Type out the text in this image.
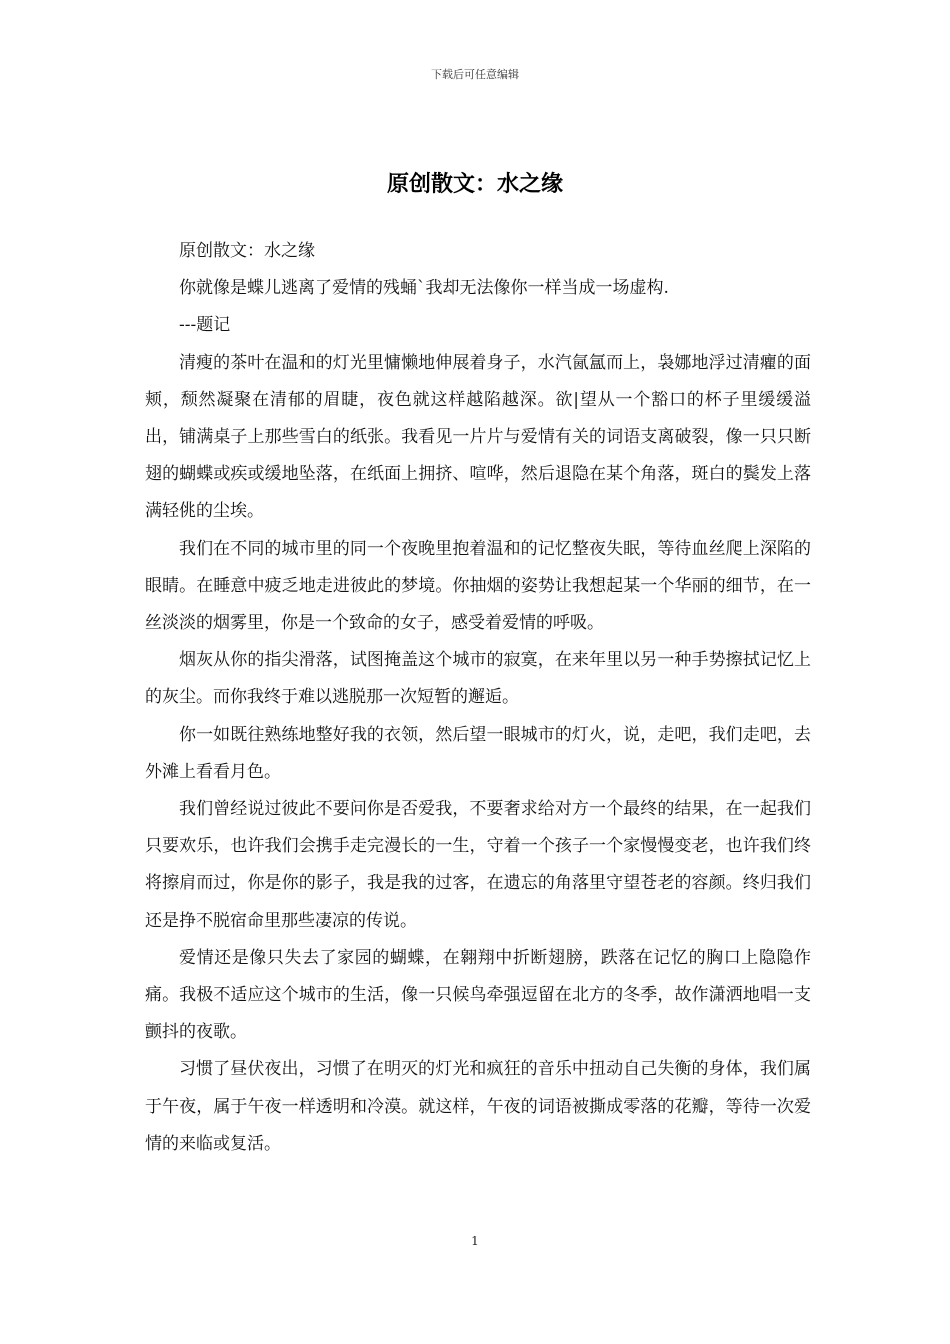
下载后可任意编辑
原创散文：水之缘

原创散文：水之缘

你就像是蝶儿逃离了爱情的残蛹`我却无法像你一样当成一场虚构.

---题记

清瘦的茶叶在温和的灯光里慵懒地伸展着身子，水汽氤氲而上，袅娜地浮过清癯的面颊，颓然凝聚在清郁的眉睫，夜色就这样越陷越深。欲|望从一个豁口的杯子里缓缓溢出，铺满桌子上那些雪白的纸张。我看见一片片与爱情有关的词语支离破裂，像一只只断翅的蝴蝶或疾或缓地坠落，在纸面上拥挤、喧哗，然后退隐在某个角落，斑白的鬓发上落满轻佻的尘埃。

我们在不同的城市里的同一个夜晚里抱着温和的记忆整夜失眠，等待血丝爬上深陷的眼睛。在睡意中疲乏地走进彼此的梦境。你抽烟的姿势让我想起某一个华丽的细节，在一丝淡淡的烟雾里，你是一个致命的女子，感受着爱情的呼吸。

烟灰从你的指尖滑落，试图掩盖这个城市的寂寞，在来年里以另一种手势擦拭记忆上的灰尘。而你我终于难以逃脱那一次短暂的邂逅。

你一如既往熟练地整好我的衣领，然后望一眼城市的灯火，说，走吧，我们走吧，去外滩上看看月色。

我们曾经说过彼此不要问你是否爱我，不要奢求给对方一个最终的结果，在一起我们只要欢乐，也许我们会携手走完漫长的一生，守着一个孩子一个家慢慢变老，也许我们终将擦肩而过，你是你的影子，我是我的过客，在遗忘的角落里守望苍老的容颜。终归我们还是挣不脱宿命里那些凄凉的传说。

爱情还是像只失去了家园的蝴蝶，在翱翔中折断翅膀，跌落在记忆的胸口上隐隐作痛。我极不适应这个城市的生活，像一只候鸟牵强逗留在北方的冬季，故作潇洒地唱一支颤抖的夜歌。

习惯了昼伏夜出，习惯了在明灭的灯光和疯狂的音乐中扭动自己失衡的身体，我们属于午夜，属于午夜一样透明和冷漠。就这样，午夜的词语被撕成零落的花瓣，等待一次爱情的来临或复活。

1
